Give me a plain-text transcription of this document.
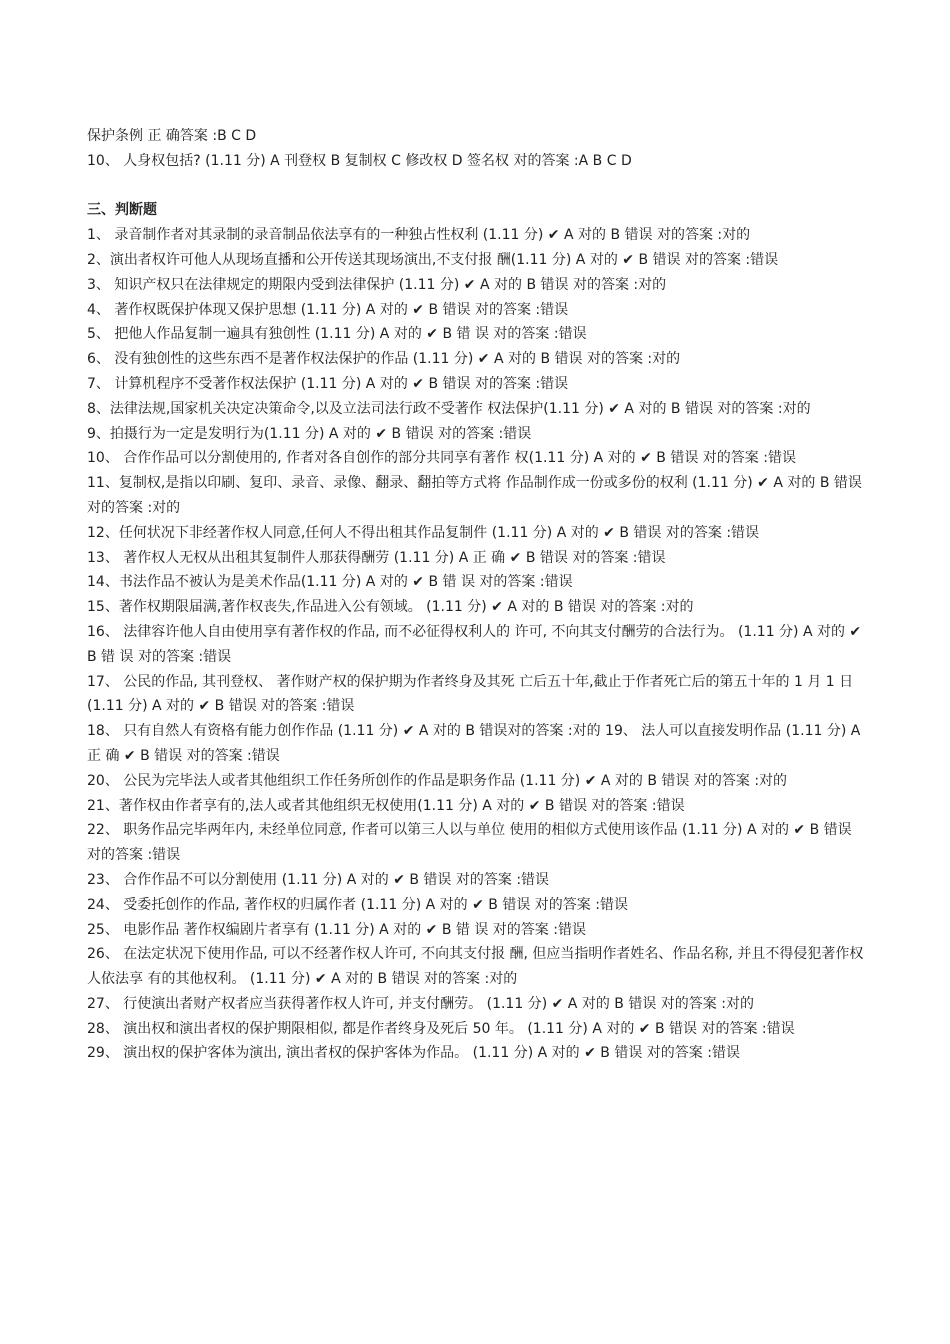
保护条例 正 确答案 :B C D

10、 人身权包括? (1.11 分) A 刊登权 B 复制权 C 修改权 D 签名权 对的答案 :A B C D

三、判断题

1、 录音制作者对其录制的录音制品依法享有的一种独占性权利 (1.11 分) ✔ A 对的 B 错误 对的答案 :对的

2、演出者权许可他人从现场直播和公开传送其现场演出,不支付报 酬(1.11 分) A 对的 ✔ B 错误 对的答案 :错误

3、 知识产权只在法律规定的期限内受到法律保护 (1.11 分) ✔ A 对的 B 错误 对的答案 :对的

4、 著作权既保护体现又保护思想 (1.11 分) A 对的 ✔ B 错误 对的答案 :错误

5、 把他人作品复制一遍具有独创性 (1.11 分) A 对的 ✔ B 错 误 对的答案 :错误

6、 没有独创性的这些东西不是著作权法保护的作品 (1.11 分) ✔ A 对的 B 错误 对的答案 :对的

7、 计算机程序不受著作权法保护 (1.11 分) A 对的 ✔ B 错误 对的答案 :错误

8、法律法规,国家机关决定决策命令,以及立法司法行政不受著作 权法保护(1.11 分) ✔ A 对的 B 错误 对的答案 :对的

9、拍摄行为一定是发明行为(1.11 分) A 对的 ✔ B 错误 对的答案 :错误

10、 合作作品可以分割使用的, 作者对各自创作的部分共同享有著作 权(1.11 分) A 对的 ✔ B 错误 对的答案 :错误

11、复制权,是指以印刷、复印、录音、录像、翻录、翻拍等方式将 作品制作成一份或多份的权利 (1.11 分) ✔ A 对的 B 错误 对的答案 :对的

12、任何状况下非经著作权人同意,任何人不得出租其作品复制件 (1.11 分) A 对的 ✔ B 错误 对的答案 :错误

13、 著作权人无权从出租其复制件人那获得酬劳 (1.11 分) A 正 确 ✔ B 错误 对的答案 :错误

14、书法作品不被认为是美术作品(1.11 分) A 对的 ✔ B 错 误 对的答案 :错误

15、著作权期限届满,著作权丧失,作品进入公有领域。 (1.11 分) ✔ A 对的 B 错误 对的答案 :对的

16、 法律容许他人自由使用享有著作权的作品, 而不必征得权利人的 许可, 不向其支付酬劳的合法行为。 (1.11 分) A 对的 ✔ B 错 误 对的答案 :错误

17、 公民的作品, 其刊登权、 著作财产权的保护期为作者终身及其死 亡后五十年,截止于作者死亡后的第五十年的 1 月 1 日(1.11 分) A 对的 ✔ B 错误 对的答案 :错误

18、 只有自然人有资格有能力创作作品 (1.11 分) ✔ A 对的 B 错误对的答案 :对的 19、 法人可以直接发明作品 (1.11 分) A 正 确 ✔ B 错误 对的答案 :错误

20、 公民为完毕法人或者其他组织工作任务所创作的作品是职务作品 (1.11 分) ✔ A 对的 B 错误 对的答案 :对的

21、著作权由作者享有的,法人或者其他组织无权使用(1.11 分) A 对的 ✔ B 错误 对的答案 :错误

22、 职务作品完毕两年内, 未经单位同意, 作者可以第三人以与单位 使用的相似方式使用该作品 (1.11 分) A 对的 ✔ B 错误 对的答案 :错误

23、 合作作品不可以分割使用 (1.11 分) A 对的 ✔ B 错误 对的答案 :错误

24、 受委托创作的作品, 著作权的归属作者 (1.11 分) A 对的 ✔ B 错误 对的答案 :错误

25、 电影作品 著作权编剧片者享有 (1.11 分) A 对的 ✔ B 错 误 对的答案 :错误

26、 在法定状况下使用作品, 可以不经著作权人许可, 不向其支付报 酬, 但应当指明作者姓名、作品名称, 并且不得侵犯著作权人依法享 有的其他权利。 (1.11 分) ✔ A 对的 B 错误 对的答案 :对的

27、 行使演出者财产权者应当获得著作权人许可, 并支付酬劳。 (1.11 分) ✔ A 对的 B 错误 对的答案 :对的

28、 演出权和演出者权的保护期限相似, 都是作者终身及死后 50 年。 (1.11 分) A 对的 ✔ B 错误 对的答案 :错误

29、 演出权的保护客体为演出, 演出者权的保护客体为作品。 (1.11 分) A 对的 ✔ B 错误 对的答案 :错误
